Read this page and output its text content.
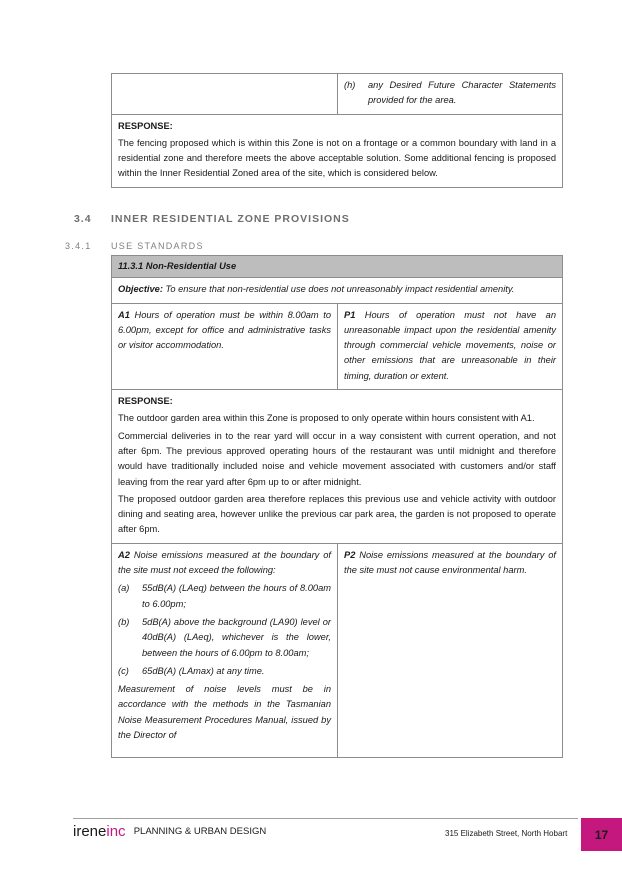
(h)	any Desired Future Character Statements provided for the area.

RESPONSE:

The fencing proposed which is within this Zone is not on a frontage or a common boundary with land in a residential zone and therefore meets the above acceptable solution. Some additional fencing is proposed within the Inner Residential Zoned area of the site, which is considered below.

3.4 INNER RESIDENTIAL ZONE PROVISIONS
3.4.1 USE STANDARDS
11.3.1 Non-Residential Use
Objective: To ensure that non-residential use does not unreasonably impact residential amenity.
A1 Hours of operation must be within 8.00am to 6.00pm, except for office and administrative tasks or visitor accommodation.
P1 Hours of operation must not have an unreasonable impact upon the residential amenity through commercial vehicle movements, noise or other emissions that are unreasonable in their timing, duration or extent.

RESPONSE:

The outdoor garden area within this Zone is proposed to only operate within hours consistent with A1.

Commercial deliveries in to the rear yard will occur in a way consistent with current operation, and not after 6pm. The previous approved operating hours of the restaurant was until midnight and therefore would have traditionally included noise and vehicle movement associated with customers and/or staff leaving from the rear yard after 6pm up to or after midnight.

The proposed outdoor garden area therefore replaces this previous use and vehicle activity with outdoor dining and seating area, however unlike the previous car park area, the garden is not proposed to operate after 6pm.

A2 Noise emissions measured at the boundary of the site must not exceed the following:

(a)	55dB(A) (LAeq) between the hours of 8.00am to 6.00pm;
(b)	5dB(A) above the background (LA90) level or 40dB(A) (LAeq), whichever is the lower, between the hours of 6.00pm to 8.00am;
(c)	65dB(A) (LAmax) at any time.

Measurement of noise levels must be in accordance with the methods in the Tasmanian Noise Measurement Procedures Manual, issued by the Director of

P2 Noise emissions measured at the boundary of the site must not cause environmental harm.
ireneinc PLANNING & URBAN DESIGN	315 Elizabeth Street, North Hobart	17
